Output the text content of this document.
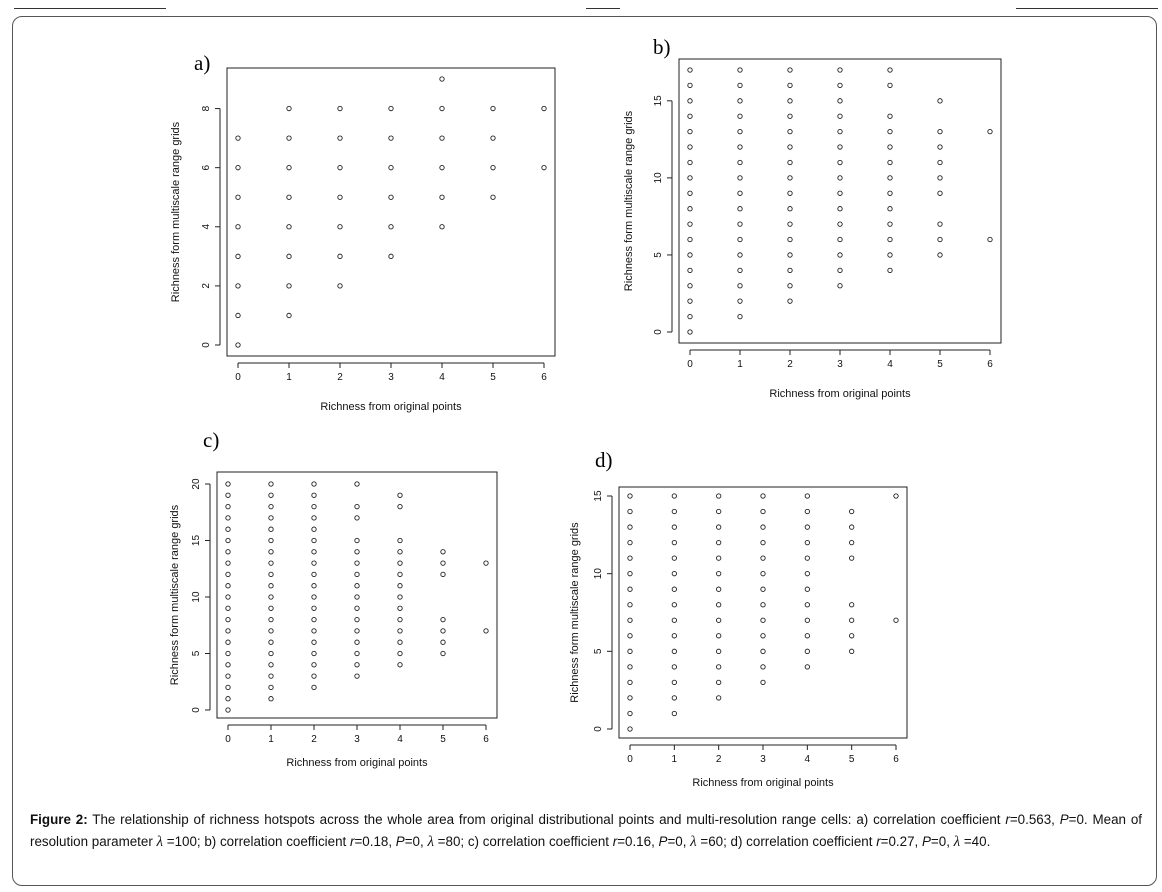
a)
0	1	2	3	4	5	6
0
2
4
6
8
Richness from original points
Richness form multiscale range grids
b)
0	1	2	3	4	5	6
0
5
10
15
Richness from original points
Richness form multiscale range grids
c)
0	1	2	3	4	5	6
0
5
10
15
20
Richness from original points
Richness form multiscale range grids
d)
0	1	2	3	4	5	6
0
5
10
15
Richness from original points
Richness form multiscale range grids
Figure 2: The relationship of richness hotspots across the whole area from original distributional points and multi-resolution range cells: a) correlation coefficient r=0.563, P=0. Mean of resolution parameter λ =100; b) correlation coefficient r=0.18, P=0, λ =80; c) correlation coefficient r=0.16, P=0, λ =60; d) correlation coefficient r=0.27, P=0, λ =40.
